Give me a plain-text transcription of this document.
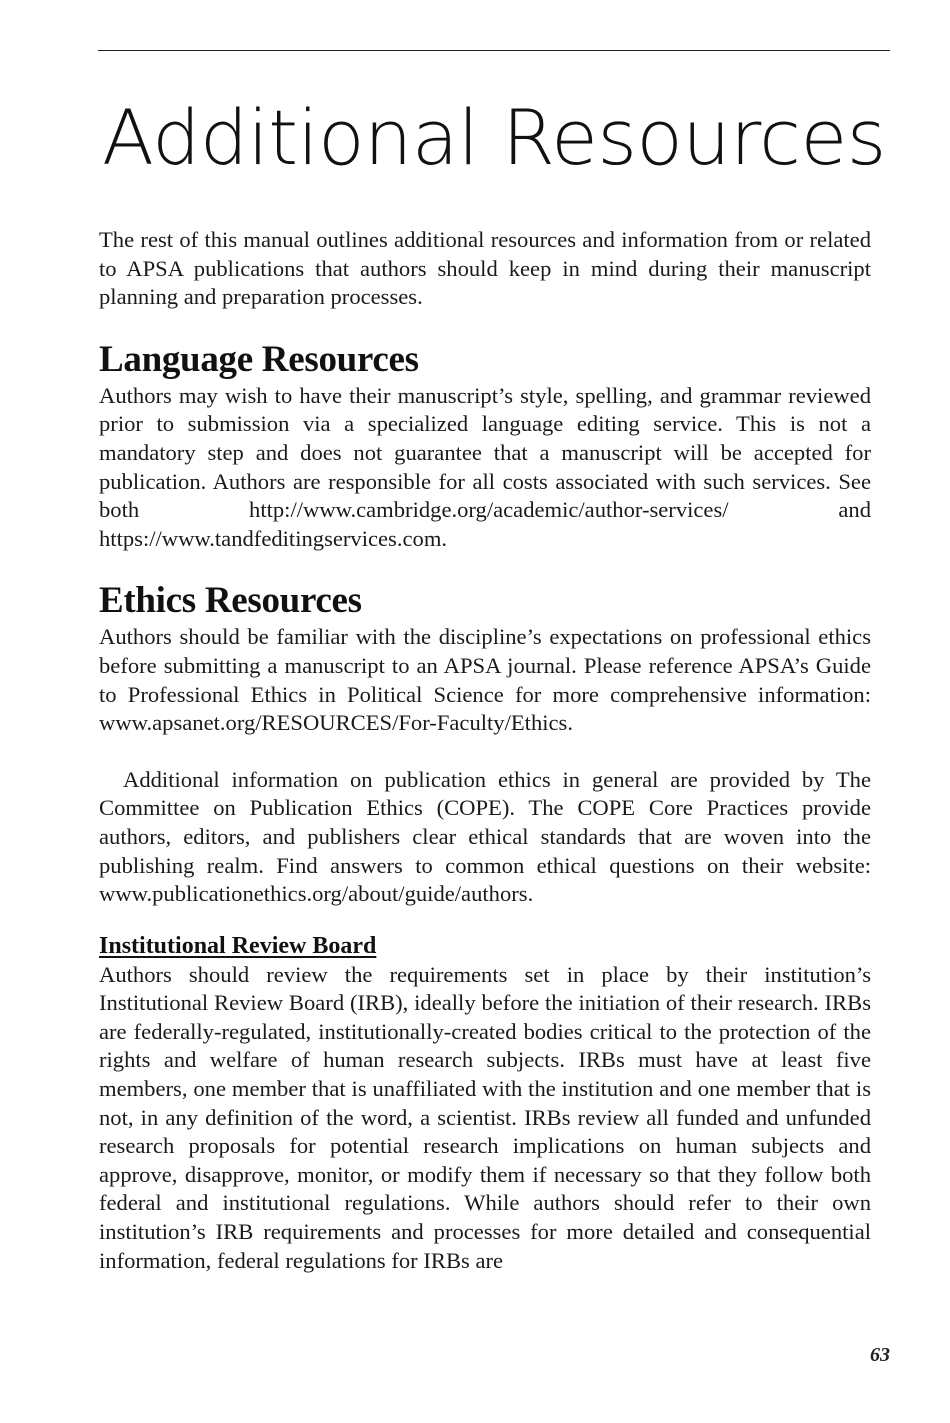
Additional Resources

The rest of this manual outlines additional resources and information from or related to APSA publications that authors should keep in mind during their manuscript planning and preparation processes.

Language Resources

Authors may wish to have their manuscript’s style, spelling, and grammar reviewed prior to submission via a specialized language editing service. This is not a mandatory step and does not guarantee that a manuscript will be accepted for publication. Authors are responsible for all costs associated with such services. See both http://www.cambridge.org/academic/author-services/ and https://www.tandfeditingservices.com.

Ethics Resources

Authors should be familiar with the discipline’s expectations on professional ethics before submitting a manuscript to an APSA journal. Please reference APSA’s Guide to Professional Ethics in Political Science for more comprehensive information: www.apsanet.org/RESOURCES/For-Faculty/Ethics.

Additional information on publication ethics in general are provided by The Committee on Publication Ethics (COPE). The COPE Core Practices provide authors, editors, and publishers clear ethical standards that are woven into the publishing realm. Find answers to common ethical questions on their website: www.publicationethics.org/about/guide/authors.

Institutional Review Board

Authors should review the requirements set in place by their institution’s Institutional Review Board (IRB), ideally before the initiation of their research. IRBs are federally-regulated, institutionally-created bodies critical to the protection of the rights and welfare of human research subjects. IRBs must have at least five members, one member that is unaffiliated with the institution and one member that is not, in any definition of the word, a scientist. IRBs review all funded and unfunded research proposals for potential research implications on human subjects and approve, disapprove, monitor, or modify them if necessary so that they follow both federal and institutional regulations. While authors should refer to their own institution’s IRB requirements and processes for more detailed and consequential information, federal regulations for IRBs are

63
